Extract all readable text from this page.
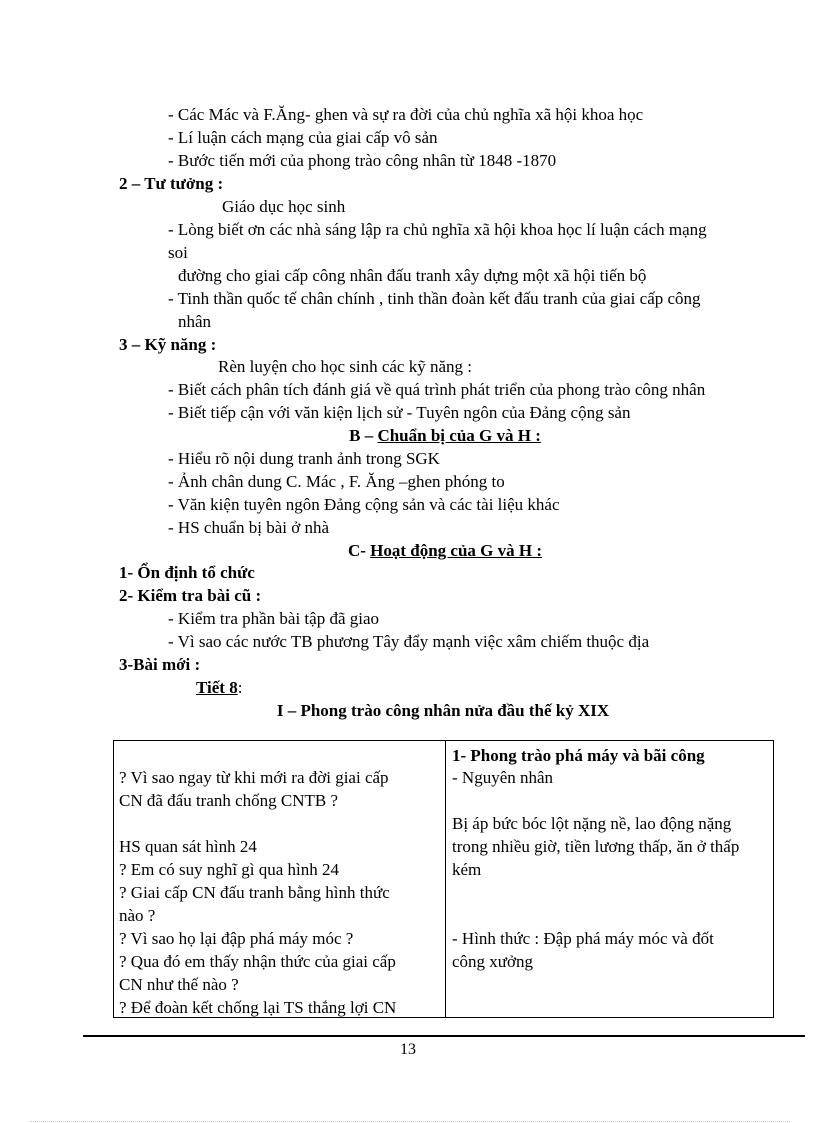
- Các Mác và F.Ăng- ghen và sự ra đời của chủ nghĩa xã hội khoa học
- Lí luận cách mạng của giai cấp vô sản
- Bước tiến mới của phong trào công nhân từ 1848 -1870
2 – Tư tưởng :
Giáo dục học sinh
- Lòng biết ơn các nhà sáng lập ra chủ nghĩa xã hội khoa học lí luận cách mạng
soi
đường cho giai cấp công nhân đấu tranh xây dựng một xã hội tiến bộ
- Tinh thần quốc tế chân chính , tinh thần đoàn kết đấu tranh của giai cấp công
nhân
3 – Kỹ năng :
Rèn luyện cho học sinh các kỹ năng :
- Biết cách phân tích đánh giá về quá trình phát triển của phong trào công nhân
- Biết tiếp cận với văn kiện lịch sử - Tuyên ngôn của Đảng cộng sản
B – Chuẩn bị của G và H :
- Hiểu rõ nội dung tranh ảnh trong SGK
- Ảnh chân dung C. Mác , F. Ăng –ghen phóng to
- Văn kiện tuyên ngôn Đảng cộng sản và các tài liệu khác
- HS chuẩn bị bài ở nhà
C- Hoạt động của G và H :
1- Ổn định tổ chức
2- Kiểm tra bài cũ :
- Kiểm tra phần bài tập đã giao
- Vì sao các nước TB phương Tây đẩy mạnh việc xâm chiếm thuộc địa
3-Bài mới :
Tiết 8:
I – Phong trào công nhân nửa đầu thế kỷ XIX
? Vì sao ngay từ khi mới ra đời giai cấp
CN đã đấu tranh chống CNTB ?
HS quan sát hình 24
? Em có suy nghĩ gì qua hình 24
? Giai cấp CN đấu tranh bằng hình thức
nào ?
? Vì sao họ lại đập phá máy móc ?
? Qua đó em thấy nhận thức của giai cấp
CN như thế nào ?
? Để đoàn kết chống lại TS thắng lợi CN
1- Phong trào phá máy và bãi công
- Nguyên nhân
Bị áp bức bóc lột nặng nề, lao động nặng
trong nhiều giờ, tiền lương thấp, ăn ở thấp
kém
- Hình thức : Đập phá máy móc và đốt
công xưởng
13
